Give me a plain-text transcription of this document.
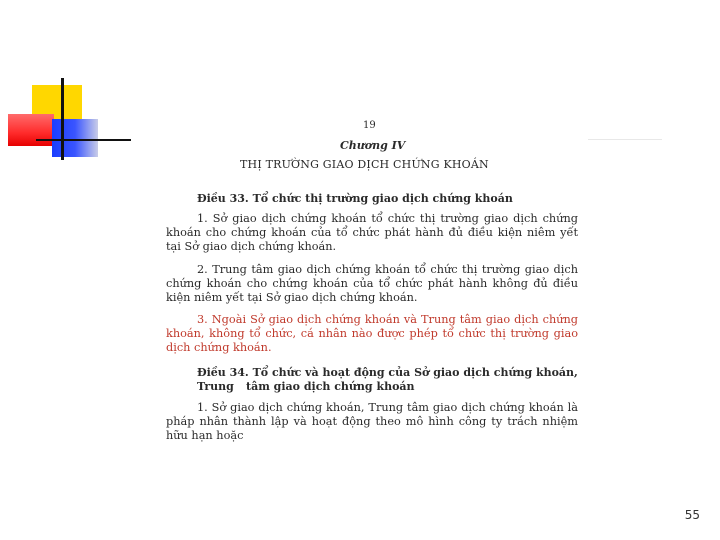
19
Chương IV
THỊ TRƯỜNG GIAO DỊCH CHỨNG KHOÁN
Điều 33. Tổ chức thị trường giao dịch chứng khoán
1. Sở giao dịch chứng khoán tổ chức thị trường giao dịch chứng khoán cho chứng khoán của tổ chức phát hành đủ điều kiện niêm yết tại Sở giao dịch chứng khoán.
2. Trung tâm giao dịch chứng khoán tổ chức thị trường giao dịch chứng khoán cho chứng khoán của tổ chức phát hành không đủ điều kiện niêm yết tại Sở giao dịch chứng khoán.
3. Ngoài Sở giao dịch chứng khoán và Trung tâm giao dịch chứng khoán, không tổ chức, cá nhân nào được phép tổ chức thị trường giao dịch chứng khoán.
Điều 34. Tổ chức và hoạt động của Sở giao dịch chứng khoán, Trung	tâm giao dịch chứng khoán
1. Sở giao dịch chứng khoán, Trung tâm giao dịch chứng khoán là pháp nhân thành lập và hoạt động theo mô hình công ty trách nhiệm hữu hạn hoặc
55
